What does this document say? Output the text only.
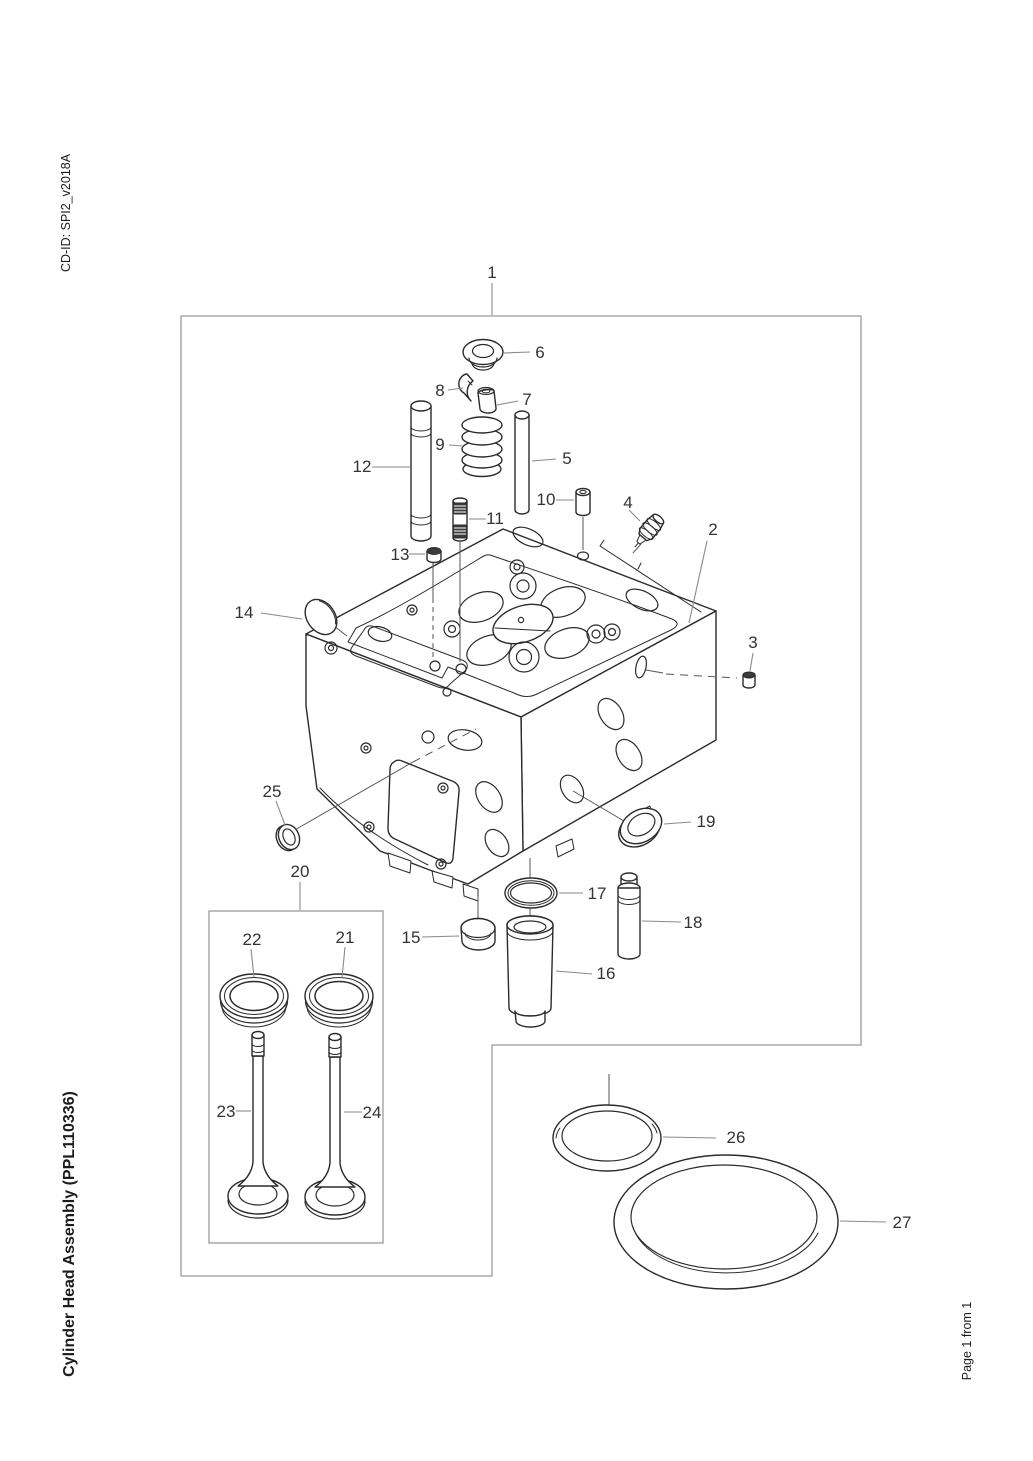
1
2
3
4
5
6
7
8
9
10
11
12
13
14
15
16
17
18
19
20
21
22
23	24
25
26
27
CD-ID: SPI2_v2018A
Cylinder Head Assembly (PPL110336)	Page 1 from 1
